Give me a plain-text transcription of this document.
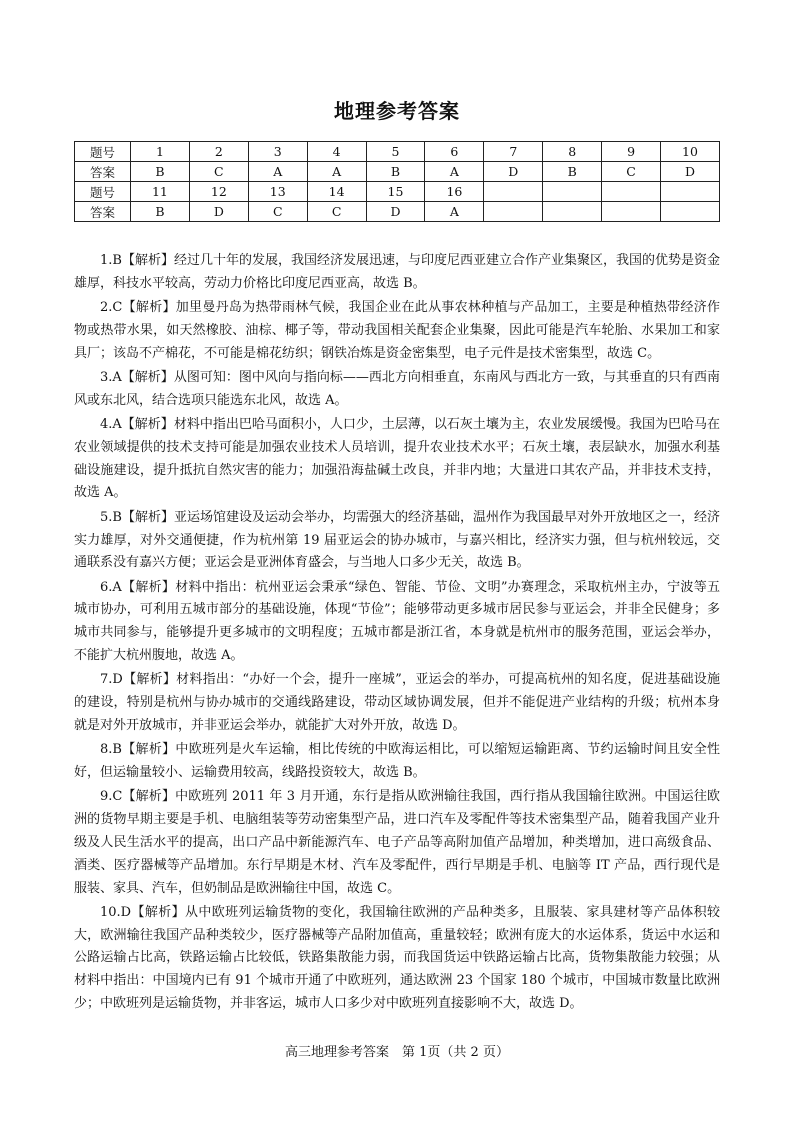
地理参考答案
题号	1	2	3	4	5	6	7	8	9	10
答案	B	C	A	A	B	A	D	B	C	D
题号	11	12	13	14	15	16				
答案	B	D	C	C	D	A				

1.B【解析】经过几十年的发展，我国经济发展迅速，与印度尼西亚建立合作产业集聚区，我国的优势是资金雄厚，科技水平较高，劳动力价格比印度尼西亚高，故选 B。

2.C【解析】加里曼丹岛为热带雨林气候，我国企业在此从事农林种植与产品加工，主要是种植热带经济作物或热带水果，如天然橡胶、油棕、椰子等，带动我国相关配套企业集聚，因此可能是汽车轮胎、水果加工和家具厂；该岛不产棉花，不可能是棉花纺织；钢铁冶炼是资金密集型，电子元件是技术密集型，故选 C。

3.A【解析】从图可知：图中风向与指向标——西北方向相垂直，东南风与西北方一致，与其垂直的只有西南风或东北风，结合选项只能选东北风，故选 A。

4.A【解析】材料中指出巴哈马面积小，人口少，土层薄，以石灰土壤为主，农业发展缓慢。我国为巴哈马在农业领域提供的技术支持可能是加强农业技术人员培训，提升农业技术水平；石灰土壤，表层缺水，加强水利基础设施建设，提升抵抗自然灾害的能力；加强沿海盐碱土改良，并非内地；大量进口其农产品，并非技术支持，故选 A。

5.B【解析】亚运场馆建设及运动会举办，均需强大的经济基础，温州作为我国最早对外开放地区之一，经济实力雄厚，对外交通便捷，作为杭州第 19 届亚运会的协办城市，与嘉兴相比，经济实力强，但与杭州较远，交通联系没有嘉兴方便；亚运会是亚洲体育盛会，与当地人口多少无关，故选 B。

6.A【解析】材料中指出：杭州亚运会秉承“绿色、智能、节俭、文明”办赛理念，采取杭州主办，宁波等五城市协办，可利用五城市部分的基础设施，体现“节俭”；能够带动更多城市居民参与亚运会，并非全民健身；多城市共同参与，能够提升更多城市的文明程度；五城市都是浙江省，本身就是杭州市的服务范围，亚运会举办，不能扩大杭州腹地，故选 A。

7.D【解析】材料指出：“办好一个会，提升一座城”，亚运会的举办，可提高杭州的知名度，促进基础设施的建设，特别是杭州与协办城市的交通线路建设，带动区域协调发展，但并不能促进产业结构的升级；杭州本身就是对外开放城市，并非亚运会举办，就能扩大对外开放，故选 D。

8.B【解析】中欧班列是火车运输，相比传统的中欧海运相比，可以缩短运输距离、节约运输时间且安全性好，但运输量较小、运输费用较高，线路投资较大，故选 B。

9.C【解析】中欧班列 2011 年 3 月开通，东行是指从欧洲输往我国，西行指从我国输往欧洲。中国运往欧洲的货物早期主要是手机、电脑组装等劳动密集型产品，进口汽车及零配件等技术密集型产品，随着我国产业升级及人民生活水平的提高，出口产品中新能源汽车、电子产品等高附加值产品增加，种类增加，进口高级食品、酒类、医疗器械等产品增加。东行早期是木材、汽车及零配件，西行早期是手机、电脑等 IT 产品，西行现代是服装、家具、汽车，但奶制品是欧洲输往中国，故选 C。

10.D【解析】从中欧班列运输货物的变化，我国输往欧洲的产品种类多，且服装、家具建材等产品体积较大，欧洲输往我国产品种类较少，医疗器械等产品附加值高，重量较轻；欧洲有庞大的水运体系，货运中水运和公路运输占比高，铁路运输占比较低，铁路集散能力弱，而我国货运中铁路运输占比高，货物集散能力较强；从材料中指出：中国境内已有 91 个城市开通了中欧班列，通达欧洲 23 个国家 180 个城市，中国城市数量比欧洲少；中欧班列是运输货物，并非客运，城市人口多少对中欧班列直接影响不大，故选 D。

高三地理参考答案　第 1页（共 2 页）
